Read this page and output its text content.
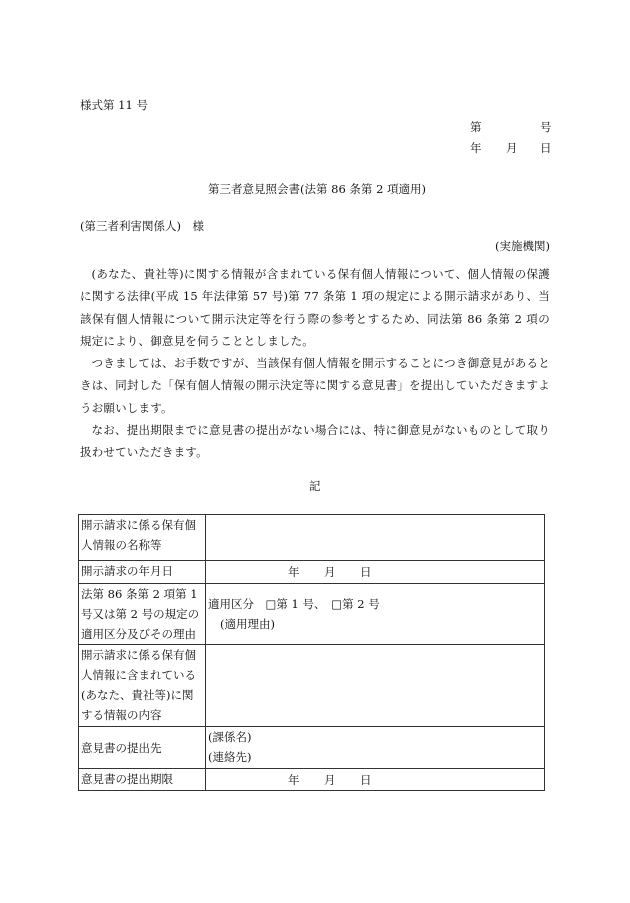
様式第 11 号
第	号
年 月 日
第三者意見照会書(法第 86 条第 2 項適用)
(第三者利害関係人)　様
(実施機関)

(あなた、貴社等)に関する情報が含まれている保有個人情報について、個人情報の保護に関する法律(平成 15 年法律第 57 号)第 77 条第 1 項の規定による開示請求があり、当該保有個人情報について開示決定等を行う際の参考とするため、同法第 86 条第 2 項の規定により、御意見を伺うこととしました。

つきましては、お手数ですが、当該保有個人情報を開示することにつき御意見があるときは、同封した「保有個人情報の開示決定等に関する意見書」を提出していただきますようお願いします。

なお、提出期限までに意見書の提出がない場合には、特に御意見がないものとして取り扱わせていただきます。

記
開示請求に係る保有個人情報の名称等	
開示請求の年月日	年 月 日

法第 86 条第 2 項第 1 号又は第 2 号の規定の適用区分及びその理由	適用区分　□第 1 号、　□第 2 号
(適用理由)

開示請求に係る保有個人情報に含まれている(あなた、貴社等)に関する情報の内容	
意見書の提出先	(課係名)
(連絡先)

意見書の提出期限	年 月 日
